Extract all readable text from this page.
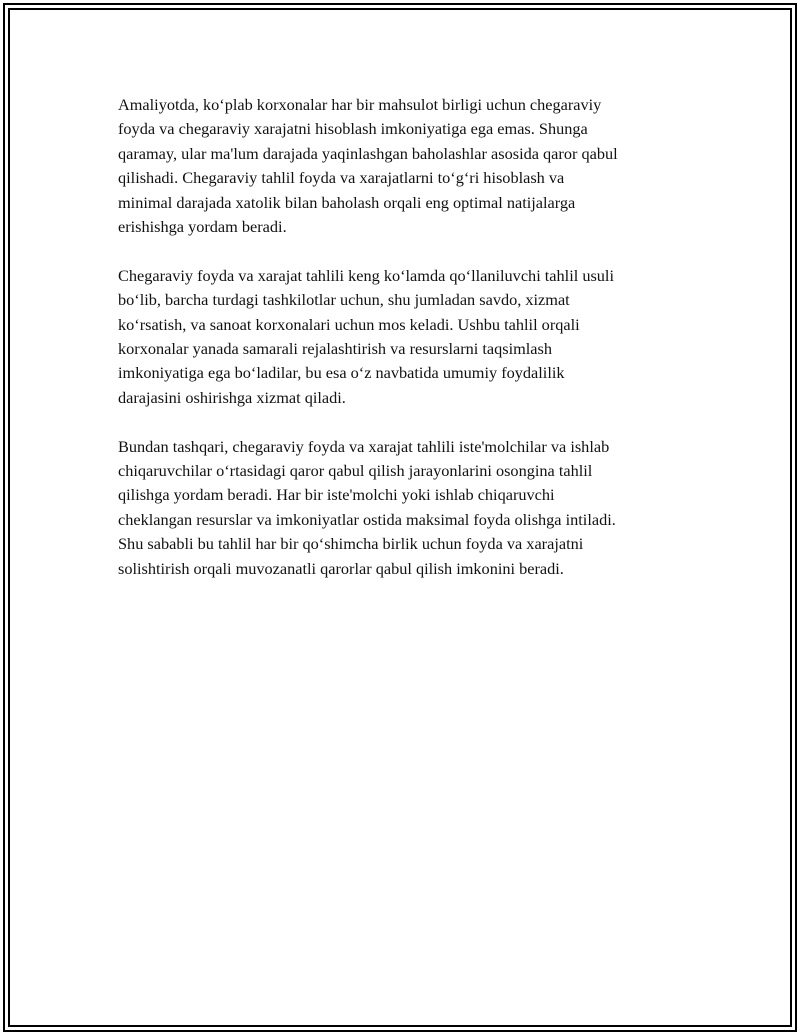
Amaliyotda, ko‘plab korxonalar har bir mahsulot birligi uchun chegaraviy
foyda va chegaraviy xarajatni hisoblash imkoniyatiga ega emas. Shunga
qaramay, ular ma'lum darajada yaqinlashgan baholashlar asosida qaror qabul
qilishadi. Chegaraviy tahlil foyda va xarajatlarni to‘g‘ri hisoblash va
minimal darajada xatolik bilan baholash orqali eng optimal natijalarga
erishishga yordam beradi.

Chegaraviy foyda va xarajat tahlili keng ko‘lamda qo‘llaniluvchi tahlil usuli
bo‘lib, barcha turdagi tashkilotlar uchun, shu jumladan savdo, xizmat
ko‘rsatish, va sanoat korxonalari uchun mos keladi. Ushbu tahlil orqali
korxonalar yanada samarali rejalashtirish va resurslarni taqsimlash
imkoniyatiga ega bo‘ladilar, bu esa o‘z navbatida umumiy foydalilik
darajasini oshirishga xizmat qiladi.

Bundan tashqari, chegaraviy foyda va xarajat tahlili iste'molchilar va ishlab
chiqaruvchilar o‘rtasidagi qaror qabul qilish jarayonlarini osongina tahlil
qilishga yordam beradi. Har bir iste'molchi yoki ishlab chiqaruvchi
cheklangan resurslar va imkoniyatlar ostida maksimal foyda olishga intiladi.
Shu sababli bu tahlil har bir qo‘shimcha birlik uchun foyda va xarajatni
solishtirish orqali muvozanatli qarorlar qabul qilish imkonini beradi.
